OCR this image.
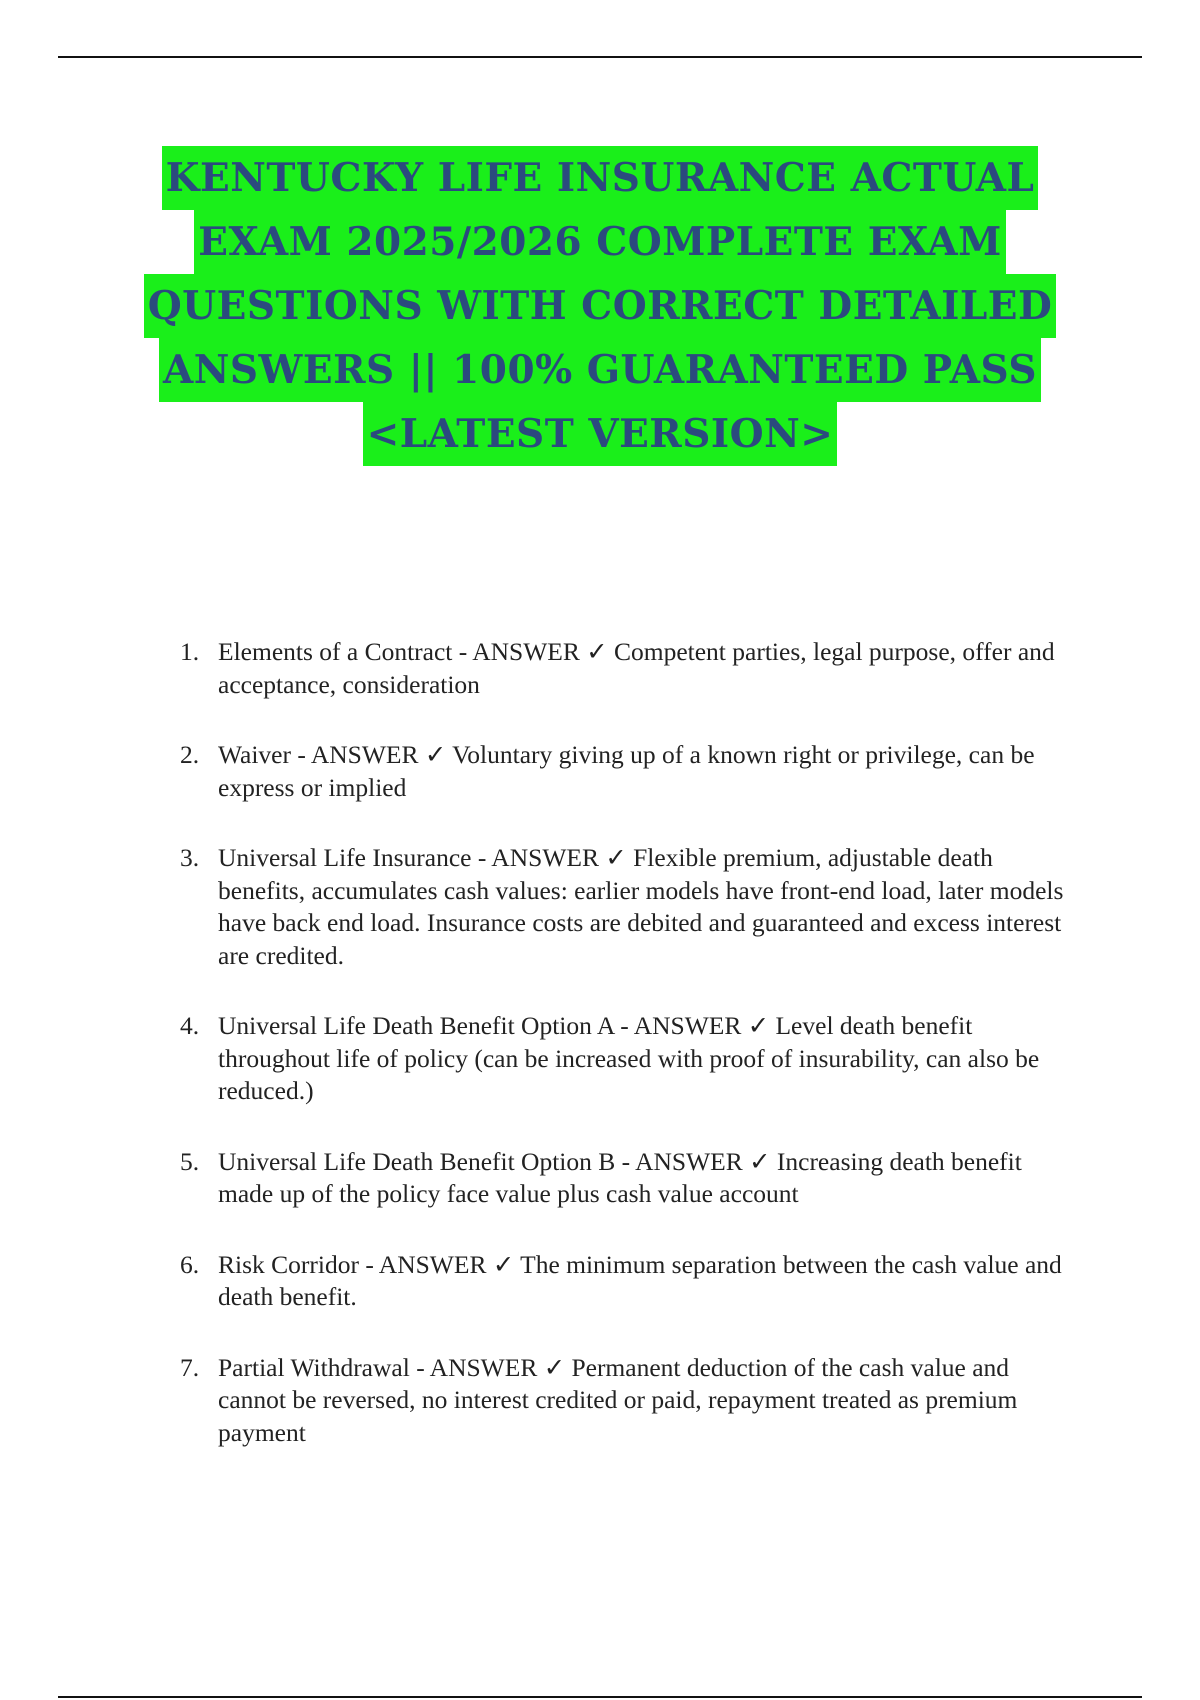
KENTUCKY LIFE INSURANCE ACTUAL
EXAM 2025/2026 COMPLETE EXAM
QUESTIONS WITH CORRECT DETAILED
ANSWERS || 100% GUARANTEED PASS
<LATEST VERSION>
1. Elements of a Contract - ANSWER ✓ Competent parties, legal purpose, offer and acceptance, consideration
2. Waiver - ANSWER ✓ Voluntary giving up of a known right or privilege, can be express or implied
3. Universal Life Insurance - ANSWER ✓ Flexible premium, adjustable death benefits, accumulates cash values: earlier models have front-end load, later models have back end load. Insurance costs are debited and guaranteed and excess interest are credited.
4. Universal Life Death Benefit Option A - ANSWER ✓ Level death benefit throughout life of policy (can be increased with proof of insurability, can also be reduced.)
5. Universal Life Death Benefit Option B - ANSWER ✓ Increasing death benefit made up of the policy face value plus cash value account
6. Risk Corridor - ANSWER ✓ The minimum separation between the cash value and death benefit.
7. Partial Withdrawal - ANSWER ✓ Permanent deduction of the cash value and cannot be reversed, no interest credited or paid, repayment treated as premium payment
